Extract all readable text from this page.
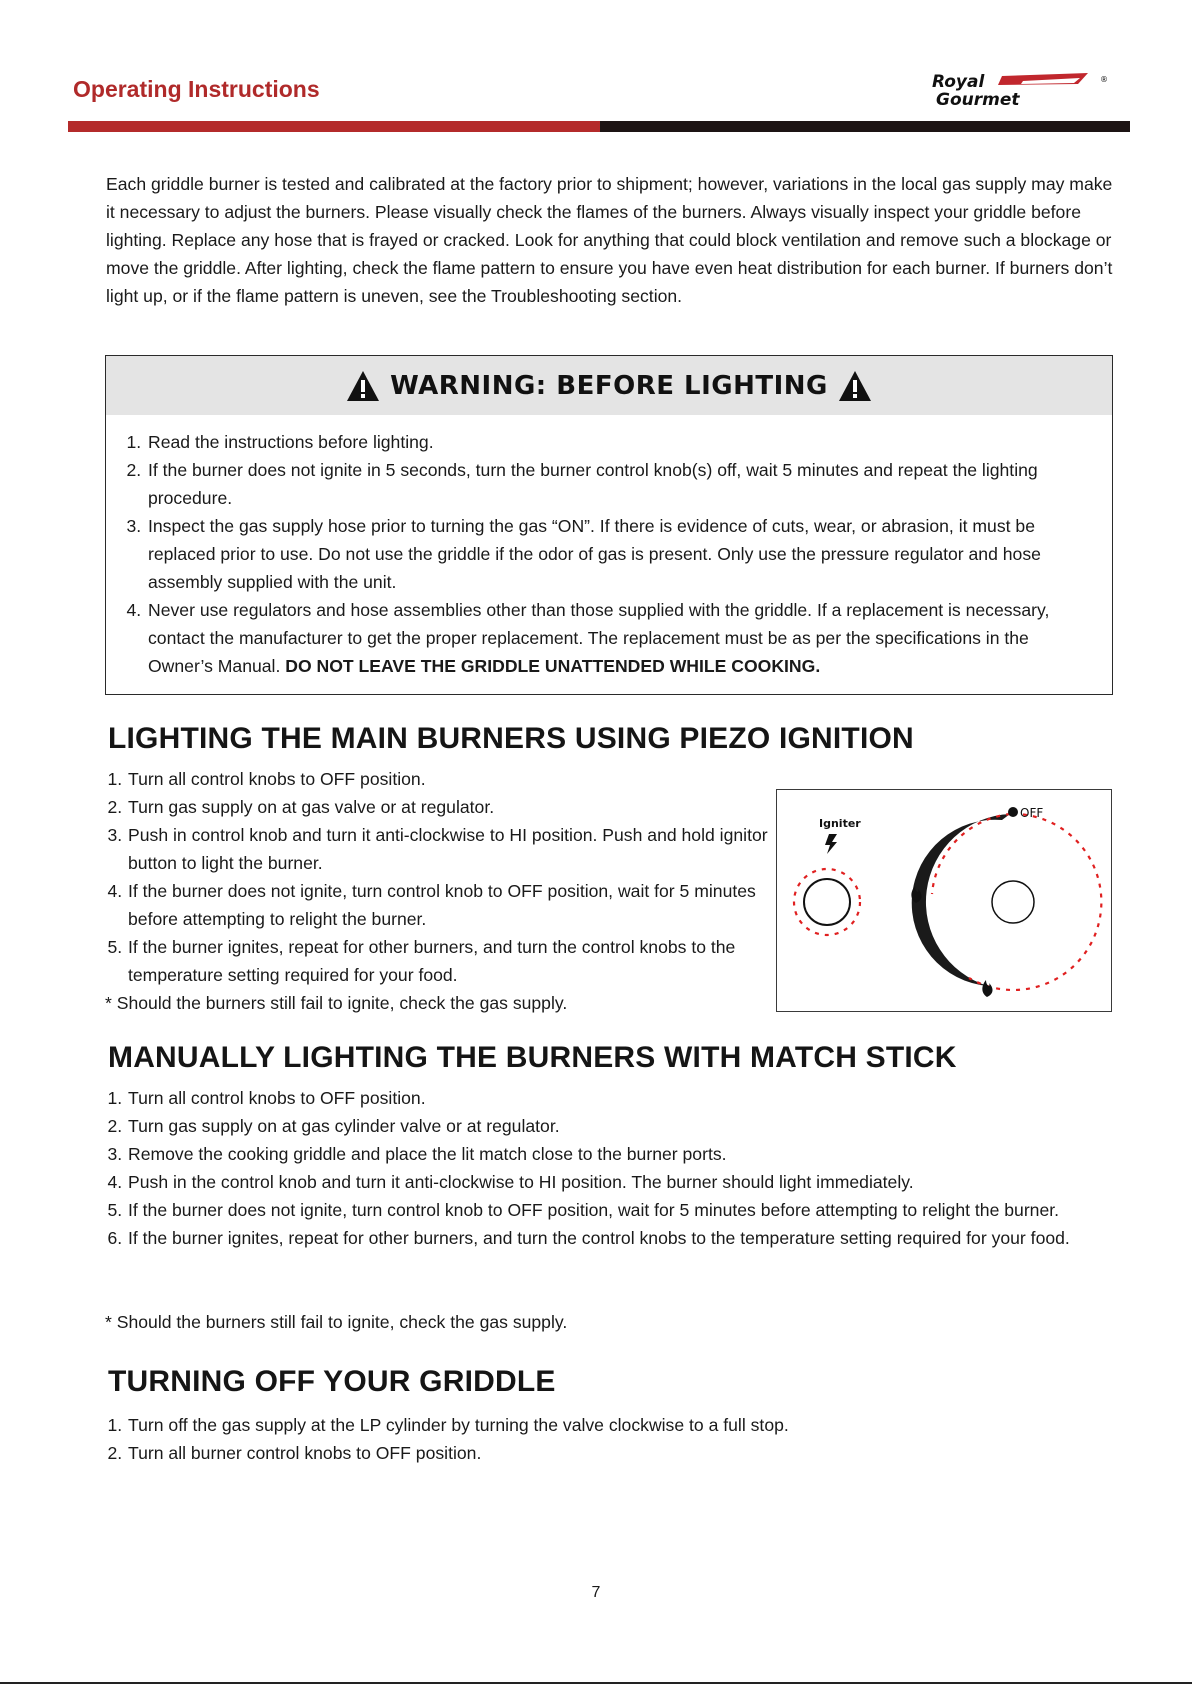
Operating Instructions	Royal
Gourmet
®

Each griddle burner is tested and calibrated at the factory prior to shipment; however, variations in the local gas supply may make it necessary to adjust the burners. Please visually check the flames of the burners. Always visually inspect your griddle before lighting. Replace any hose that is frayed or cracked. Look for anything that could block ventilation and remove such a blockage or move the griddle. After lighting, check the flame pattern to ensure you have even heat distribution for each burner. If burners don’t light up, or if the flame pattern is uneven, see the Troubleshooting section.

WARNING: BEFORE LIGHTING
1. Read the instructions before lighting.
2. If the burner does not ignite in 5 seconds, turn the burner control knob(s) off, wait 5 minutes and repeat the lighting procedure.
3. Inspect the gas supply hose prior to turning the gas “ON”. If there is evidence of cuts, wear, or abrasion, it must be replaced prior to use. Do not use the griddle if the odor of gas is present. Only use the pressure regulator and hose assembly supplied with the unit.
4. Never use regulators and hose assemblies other than those supplied with the griddle. If a replacement is necessary, contact the manufacturer to get the proper replacement. The replacement must be as per the specifications in the Owner’s Manual. DO NOT LEAVE THE GRIDDLE UNATTENDED WHILE COOKING.
LIGHTING THE MAIN BURNERS USING PIEZO IGNITION
1. Turn all control knobs to OFF position.
2. Turn gas supply on at gas valve or at regulator.
3. Push in control knob and turn it anti-clockwise to HI position. Push and hold ignitor button to light the burner.
4. If the burner does not ignite, turn control knob to OFF position, wait for 5 minutes before attempting to relight the burner.
5. If the burner ignites, repeat for other burners, and turn the control knobs to the temperature setting required for your food.

* Should the burners still fail to ignite, check the gas supply.

Igniter
OFF
MANUALLY LIGHTING THE BURNERS WITH MATCH STICK
1. Turn all control knobs to OFF position.
2. Turn gas supply on at gas cylinder valve or at regulator.
3. Remove the cooking griddle and place the lit match close to the burner ports.
4. Push in the control knob and turn it anti-clockwise to HI position. The burner should light immediately.
5. If the burner does not ignite, turn control knob to OFF position, wait for 5 minutes before attempting to relight the burner.
6. If the burner ignites, repeat for other burners, and turn the control knobs to the temperature setting required for your food.

* Should the burners still fail to ignite, check the gas supply.

TURNING OFF YOUR GRIDDLE
1. Turn off the gas supply at the LP cylinder by turning the valve clockwise to a full stop.
2. Turn all burner control knobs to OFF position.
7
